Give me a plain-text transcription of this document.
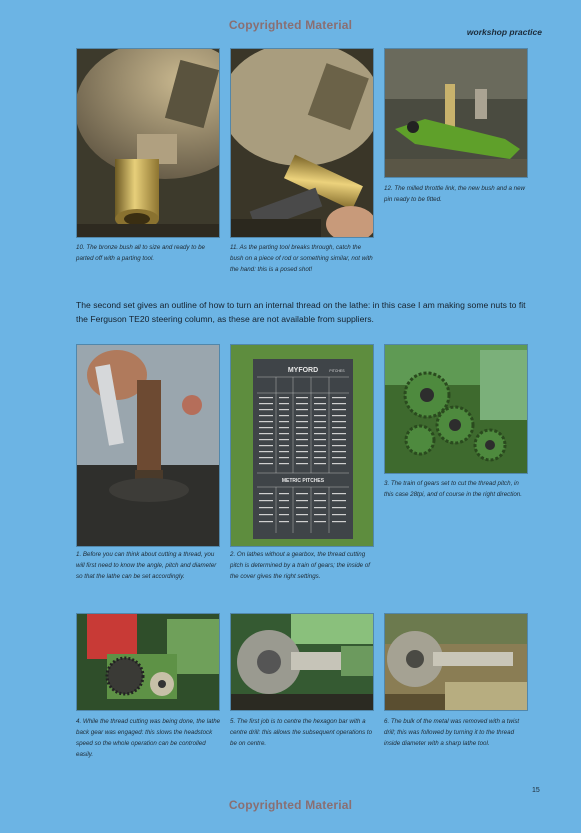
Copyrighted Material	workshop practice
12. The milled throttle link, the new bush and a new pin ready to be fitted.
10. The bronze bush all to size and ready to be parted off with a parting tool.
11. As the parting tool breaks through, catch the bush on a piece of rod or something similar, not with the hand: this is a posed shot!
The second set gives an outline of how to turn an internal thread on the lathe: in this case I am making some nuts to fit the Ferguson TE20 steering column, as these are not available from suppliers.
MYFORD	PITCHES
METRIC PITCHES	3. The train of gears set to cut the thread pitch, in this case 28tpi, and of course in the right direction.
1. Before you can think about cutting a thread, you will first need to know the angle, pitch and diameter so that the lathe can be set accordingly.
2. On lathes without a gearbox, the thread cutting pitch is determined by a train of gears; the inside of the cover gives the right settings.
4. While the thread cutting was being done, the lathe back gear was engaged: this slows the headstock speed so the whole operation can be controlled easily.
5. The first job is to centre the hexagon bar with a centre drill: this allows the subsequent operations to be on centre.
6. The bulk of the metal was removed with a twist drill; this was followed by turning it to the thread inside diameter with a sharp lathe tool.
15
Copyrighted Material
